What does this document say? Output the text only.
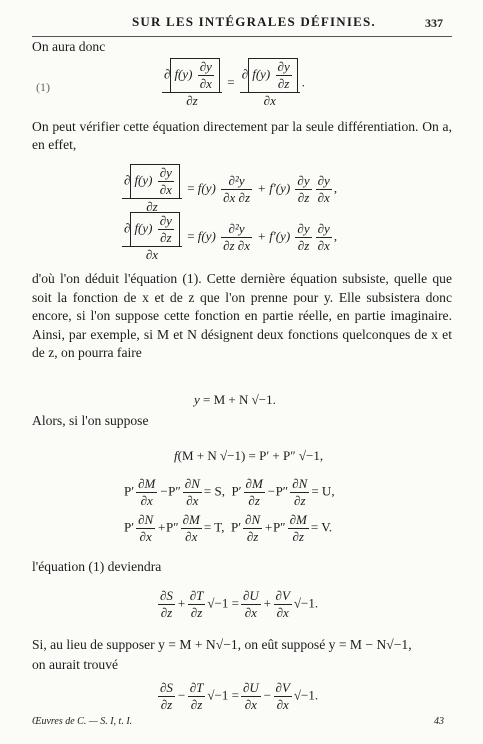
SUR LES INTÉGRALES DÉFINIES.	337

On aura donc

(1)	$\frac{\partial f(y) \frac{\partial y}{\partial x}}{\partial z} = \frac{\partial f(y) \frac{\partial y}{\partial z}}{\partial x}$ .

On peut vérifier cette équation directement par la seule différentiation. On a, en effet,

$\frac{\partial f(y) \frac{\partial y}{\partial x}}{\partial z} = f(y) \frac{\text{∂²y}}{\partial x \partial z} + f'(y) \frac{\partial y}{\partial z} \frac{\partial y}{\partial x}$ ,
$\frac{\partial f(y) \frac{\partial y}{\partial z}}{\partial x} = f(y) \frac{\text{∂²y}}{\partial z \partial x} + f'(y) \frac{\partial y}{\partial z} \frac{\partial y}{\partial x}$ ,

d'où l'on déduit l'équation (1). Cette dernière équation subsiste, quelle que soit la fonction de x et de z que l'on prenne pour y. Elle subsistera donc encore, si l'on suppose cette fonction en partie réelle, en partie imaginaire. Ainsi, par exemple, si M et N désignent deux fonctions quelconques de x et de z, on pourra faire

y = M + N √−1.

Alors, si l'on suppose

f(M + N √−1) = P′ + P″ √−1,
$P' \frac{\partial M}{\partial x} -P'' \frac{\partial N}{\partial x} = S$,  $P' \frac{\partial M}{\partial z} -P'' \frac{\partial N}{\partial z} = U$,
$P' \frac{\partial N}{\partial x} +P'' \frac{\partial M}{\partial x} = T$,  $P' \frac{\partial N}{\partial z} +P'' \frac{\partial M}{\partial z} = V$.

l'équation (1) deviendra

$\frac{\partial S}{\partial z} + \frac{\partial T}{\partial z} √-1 = \frac{\partial U}{\partial x} + \frac{\partial V}{\partial x} √-1$.

Si, au lieu de supposer y = M + N√−1, on eût supposé y = M − N√−1,

on aurait trouvé

$\frac{\partial S}{\partial z} - \frac{\partial T}{\partial z} √-1 = \frac{\partial U}{\partial x} - \frac{\partial V}{\partial x} √-1$.
Œuvres de C. — S. I, t. I.	43
